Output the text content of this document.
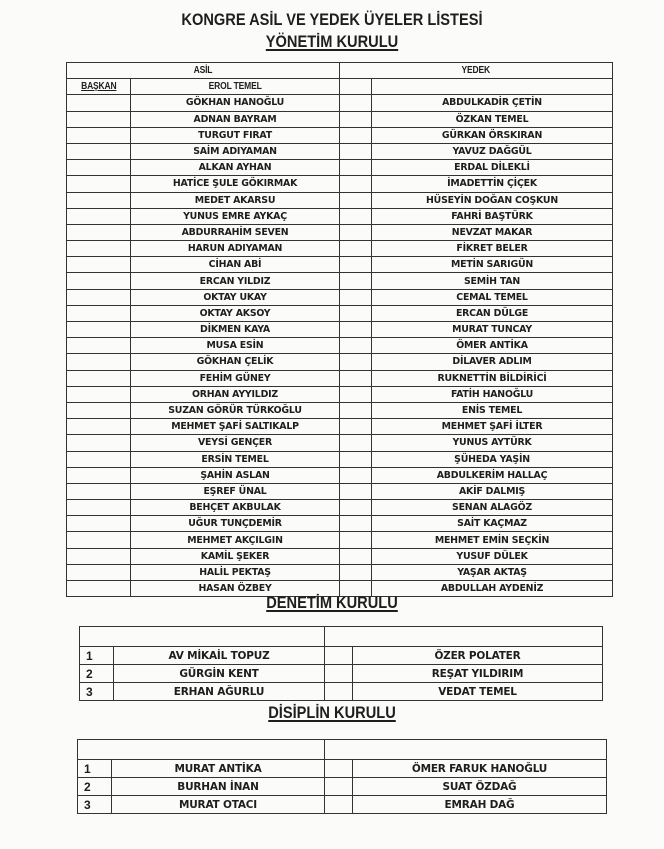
KONGRE ASİL VE YEDEK ÜYELER LİSTESİ
YÖNETİM KURULU
ASİL		YEDEK	
BAŞKAN	EROL TEMEL		
	GÖKHAN HANOĞLU		ABDULKADİR ÇETİN
	ADNAN BAYRAM		ÖZKAN TEMEL
	TURGUT FIRAT		GÜRKAN ÖRSKIRAN
	SAİM ADIYAMAN		YAVUZ DAĞGÜL
	ALKAN AYHAN		ERDAL DİLEKLİ
	HATİCE ŞULE GÖKIRMAK		İMADETTİN ÇİÇEK
	MEDET AKARSU		HÜSEYİN DOĞAN COŞKUN
	YUNUS EMRE AYKAÇ		FAHRİ BAŞTÜRK
	ABDURRAHİM SEVEN		NEVZAT MAKAR
	HARUN ADIYAMAN		FİKRET BELER
	CİHAN ABİ		METİN SARIGÜN
	ERCAN YILDIZ		SEMİH TAN
	OKTAY UKAY		CEMAL TEMEL
	OKTAY AKSOY		ERCAN DÜLGE
	DİKMEN KAYA		MURAT TUNCAY
	MUSA ESİN		ÖMER ANTİKA
	GÖKHAN ÇELİK		DİLAVER ADLIM
	FEHİM GÜNEY		RUKNETTİN BİLDİRİCİ
	ORHAN AYYILDIZ		FATİH HANOĞLU
	SUZAN GÖRÜR TÜRKOĞLU		ENİS TEMEL
	MEHMET ŞAFİ SALTIKALP		MEHMET ŞAFİ İLTER
	VEYSİ GENÇER		YUNUS AYTÜRK
	ERSİN TEMEL		ŞÜHEDA YAŞİN
	ŞAHİN ASLAN		ABDULKERİM HALLAÇ
	EŞREF ÜNAL		AKİF DALMIŞ
	BEHÇET AKBULAK		SENAN ALAGÖZ
	UĞUR TUNÇDEMİR		SAİT KAÇMAZ
	MEHMET AKÇILGIN		MEHMET EMİN SEÇKİN
	KAMİL ŞEKER		YUSUF DÜLEK
	HALİL PEKTAŞ		YAŞAR AKTAŞ
	HASAN ÖZBEY		ABDULLAH AYDENİZ
DENETİM KURULU

1	AV MİKAİL TOPUZ		ÖZER POLATER
2	GÜRGİN KENT		REŞAT YILDIRIM
3	ERHAN AĞURLU		VEDAT TEMEL
DİSİPLİN KURULU

1	MURAT ANTİKA		ÖMER FARUK HANOĞLU
2	BURHAN İNAN		SUAT ÖZDAĞ
3	MURAT OTACI		EMRAH DAĞ
